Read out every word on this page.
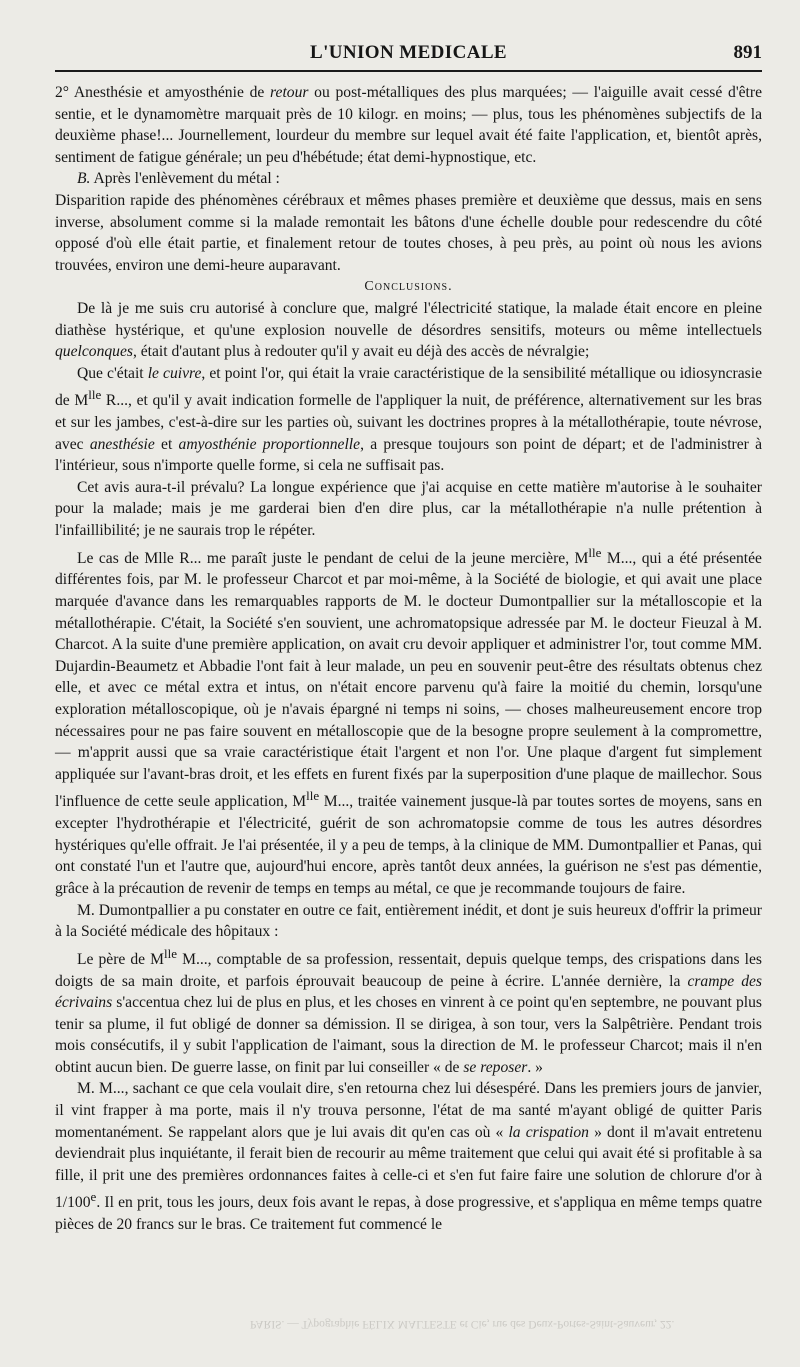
L'UNION MEDICALE	891

2° Anesthésie et amyosthénie de retour ou post-métalliques des plus marquées; — l'aiguille avait cessé d'être sentie, et le dynamomètre marquait près de 10 kilogr. en moins; — plus, tous les phénomènes subjectifs de la deuxième phase!... Journellement, lourdeur du membre sur lequel avait été faite l'application, et, bientôt après, sentiment de fatigue générale; un peu d'hébétude; état demi-hypnostique, etc.

B. Après l'enlèvement du métal :

Disparition rapide des phénomènes cérébraux et mêmes phases première et deuxième que dessus, mais en sens inverse, absolument comme si la malade remontait les bâtons d'une échelle double pour redescendre du côté opposé d'où elle était partie, et finalement retour de toutes choses, à peu près, au point où nous les avions trouvées, environ une demi-heure auparavant.

Conclusions.

De là je me suis cru autorisé à conclure que, malgré l'électricité statique, la malade était encore en pleine diathèse hystérique, et qu'une explosion nouvelle de désordres sensitifs, moteurs ou même intellectuels quelconques, était d'autant plus à redouter qu'il y avait eu déjà des accès de névralgie;

Que c'était le cuivre, et point l'or, qui était la vraie caractéristique de la sensibilité métallique ou idiosyncrasie de $M^{lle}$ R..., et qu'il y avait indication formelle de l'appliquer la nuit, de préférence, alternativement sur les bras et sur les jambes, c'est-à-dire sur les parties où, suivant les doctrines propres à la métallothérapie, toute névrose, avec anesthésie et amyosthénie proportionnelle, a presque toujours son point de départ; et de l'administrer à l'intérieur, sous n'importe quelle forme, si cela ne suffisait pas.

Cet avis aura-t-il prévalu? La longue expérience que j'ai acquise en cette matière m'autorise à le souhaiter pour la malade; mais je me garderai bien d'en dire plus, car la métallothérapie n'a nulle prétention à l'infaillibilité; je ne saurais trop le répéter.

Le cas de Mlle R... me paraît juste le pendant de celui de la jeune mercière, $M^{lle}$ M..., qui a été présentée différentes fois, par M. le professeur Charcot et par moi-même, à la Société de biologie, et qui avait une place marquée d'avance dans les remarquables rapports de M. le docteur Dumontpallier sur la métalloscopie et la métallothérapie. C'était, la Société s'en souvient, une achromatopsique adressée par M. le docteur Fieuzal à M. Charcot. A la suite d'une première application, on avait cru devoir appliquer et administrer l'or, tout comme MM. Dujardin-Beaumetz et Abbadie l'ont fait à leur malade, un peu en souvenir peut-être des résultats obtenus chez elle, et avec ce métal extra et intus, on n'était encore parvenu qu'à faire la moitié du chemin, lorsqu'une exploration métalloscopique, où je n'avais épargné ni temps ni soins, — choses malheureusement encore trop nécessaires pour ne pas faire souvent en métalloscopie que de la besogne propre seulement à la compromettre, — m'apprit aussi que sa vraie caractéristique était l'argent et non l'or. Une plaque d'argent fut simplement appliquée sur l'avant-bras droit, et les effets en furent fixés par la superposition d'une plaque de maillechor. Sous l'influence de cette seule application, $M^{lle}$ M..., traitée vainement jusque-là par toutes sortes de moyens, sans en excepter l'hydrothérapie et l'électricité, guérit de son achromatopsie comme de tous les autres désordres hystériques qu'elle offrait. Je l'ai présentée, il y a peu de temps, à la clinique de MM. Dumontpallier et Panas, qui ont constaté l'un et l'autre que, aujourd'hui encore, après tantôt deux années, la guérison ne s'est pas démentie, grâce à la précaution de revenir de temps en temps au métal, ce que je recommande toujours de faire.

M. Dumontpallier a pu constater en outre ce fait, entièrement inédit, et dont je suis heureux d'offrir la primeur à la Société médicale des hôpitaux :

Le père de $M^{lle}$ M..., comptable de sa profession, ressentait, depuis quelque temps, des crispations dans les doigts de sa main droite, et parfois éprouvait beaucoup de peine à écrire. L'année dernière, la crampe des écrivains s'accentua chez lui de plus en plus, et les choses en vinrent à ce point qu'en septembre, ne pouvant plus tenir sa plume, il fut obligé de donner sa démission. Il se dirigea, à son tour, vers la Salpêtrière. Pendant trois mois consécutifs, il y subit l'application de l'aimant, sous la direction de M. le professeur Charcot; mais il n'en obtint aucun bien. De guerre lasse, on finit par lui conseiller « de se reposer. »

M. M..., sachant ce que cela voulait dire, s'en retourna chez lui désespéré. Dans les premiers jours de janvier, il vint frapper à ma porte, mais il n'y trouva personne, l'état de ma santé m'ayant obligé de quitter Paris momentanément. Se rappelant alors que je lui avais dit qu'en cas où « la crispation » dont il m'avait entretenu deviendrait plus inquiétante, il ferait bien de recourir au même traitement que celui qui avait été si profitable à sa fille, il prit une des premières ordonnances faites à celle-ci et s'en fut faire faire une solution de chlorure d'or à 1/100e. Il en prit, tous les jours, deux fois avant le repas, à dose progressive, et s'appliqua en même temps quatre pièces de 20 francs sur le bras. Ce traitement fut commencé le

PARIS. — Typographie FÉLIX MALTESTE et Cie, rue des Deux-Portes-Saint-Sauveur, 22.
